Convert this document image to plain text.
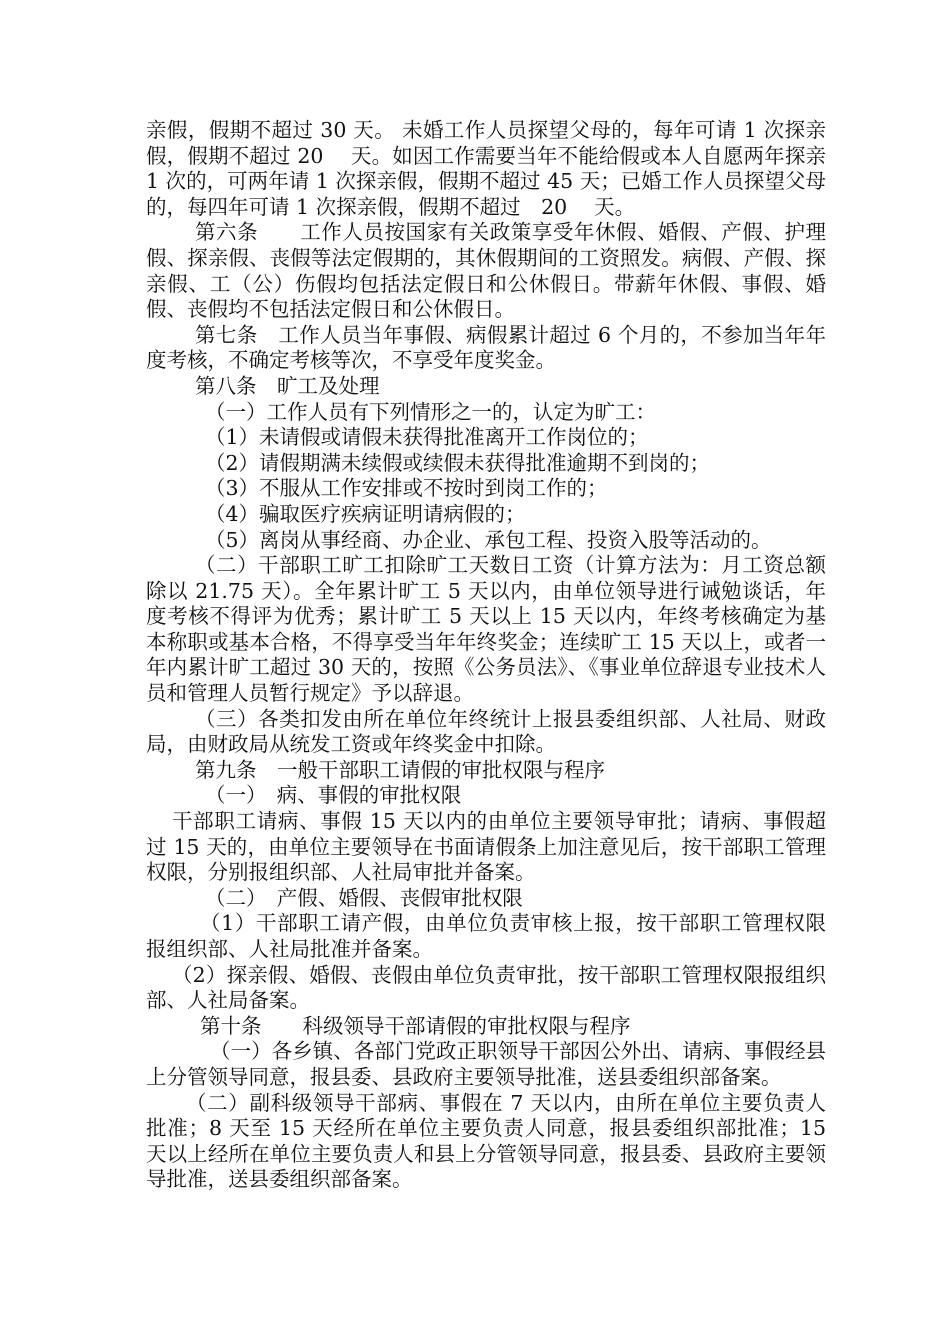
亲假，假期不超过 30 天。 未婚工作人员探望父母的，每年可请 1 次探亲假，假期不超过 20　 天。如因工作需要当年不能给假或本人自愿两年探亲 1 次的，可两年请 1 次探亲假，假期不超过 45 天；已婚工作人员探望父母的，每四年可请 1 次探亲假，假期不超过　20　 天。

第六条　　工作人员按国家有关政策享受年休假、婚假、产假、护理假、探亲假、丧假等法定假期的，其休假期间的工资照发。病假、产假、探亲假、工（公）伤假均包括法定假日和公休假日。带薪年休假、事假、婚假、丧假均不包括法定假日和公休假日。

第七条　工作人员当年事假、病假累计超过 6 个月的，不参加当年年度考核，不确定考核等次，不享受年度奖金。

第八条　旷工及处理

（一）工作人员有下列情形之一的，认定为旷工：

（1）未请假或请假未获得批准离开工作岗位的；

（2）请假期满未续假或续假未获得批准逾期不到岗的；

（3）不服从工作安排或不按时到岗工作的；

（4）骗取医疗疾病证明请病假的；

（5）离岗从事经商、办企业、承包工程、投资入股等活动的。

（二）干部职工旷工扣除旷工天数日工资（计算方法为：月工资总额除以 21.75 天）。全年累计旷工 5 天以内，由单位领导进行诫勉谈话，年度考核不得评为优秀；累计旷工 5 天以上 15 天以内，年终考核确定为基本称职或基本合格，不得享受当年年终奖金；连续旷工 15 天以上，或者一年内累计旷工超过 30 天的，按照《公务员法》、《事业单位辞退专业技术人员和管理人员暂行规定》予以辞退。

（三）各类扣发由所在单位年终统计上报县委组织部、人社局、财政局，由财政局从统发工资或年终奖金中扣除。

第九条　一般干部职工请假的审批权限与程序

（一）　病、事假的审批权限

干部职工请病、事假 15 天以内的由单位主要领导审批；请病、事假超过 15 天的，由单位主要领导在书面请假条上加注意见后，按干部职工管理权限，分别报组织部、人社局审批并备案。

（二）　产假、婚假、丧假审批权限

（1）干部职工请产假，由单位负责审核上报，按干部职工管理权限报组织部、人社局批准并备案。

（2）探亲假、婚假、丧假由单位负责审批，按干部职工管理权限报组织部、人社局备案。

第十条　　科级领导干部请假的审批权限与程序

（一）各乡镇、各部门党政正职领导干部因公外出、请病、事假经县上分管领导同意，报县委、县政府主要领导批准，送县委组织部备案。

（二）副科级领导干部病、事假在 7 天以内，由所在单位主要负责人批准；8 天至 15 天经所在单位主要负责人同意，报县委组织部批准；15 天以上经所在单位主要负责人和县上分管领导同意，报县委、县政府主要领导批准，送县委组织部备案。
